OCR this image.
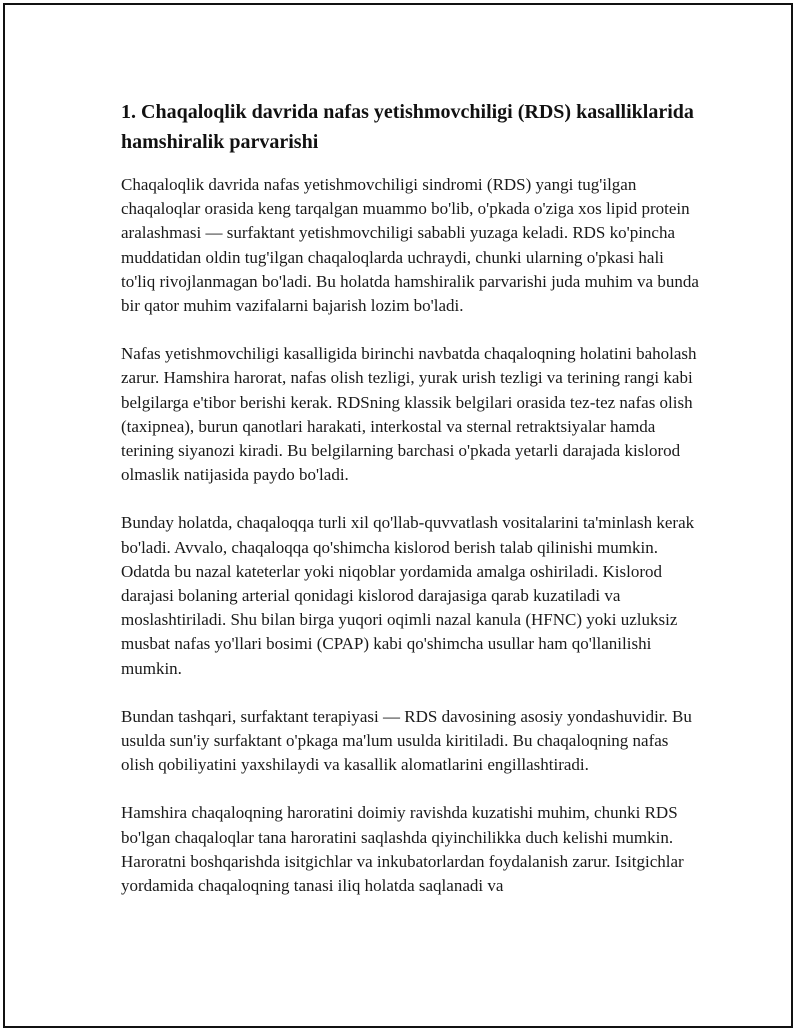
1. Chaqaloqlik davrida nafas yetishmovchiligi (RDS) kasalliklarida hamshiralik parvarishi

Chaqaloqlik davrida nafas yetishmovchiligi sindromi (RDS) yangi tug'ilgan chaqaloqlar orasida keng tarqalgan muammo bo'lib, o'pkada o'ziga xos lipid protein aralashmasi — surfaktant yetishmovchiligi sababli yuzaga keladi. RDS ko'pincha muddatidan oldin tug'ilgan chaqaloqlarda uchraydi, chunki ularning o'pkasi hali to'liq rivojlanmagan bo'ladi. Bu holatda hamshiralik parvarishi juda muhim va bunda bir qator muhim vazifalarni bajarish lozim bo'ladi.

Nafas yetishmovchiligi kasalligida birinchi navbatda chaqaloqning holatini baholash zarur. Hamshira harorat, nafas olish tezligi, yurak urish tezligi va terining rangi kabi belgilarga e'tibor berishi kerak. RDSning klassik belgilari orasida tez-tez nafas olish (taxipnea), burun qanotlari harakati, interkostal va sternal retraktsiyalar hamda terining siyanozi kiradi. Bu belgilarning barchasi o'pkada yetarli darajada kislorod olmaslik natijasida paydo bo'ladi.

Bunday holatda, chaqaloqqa turli xil qo'llab-quvvatlash vositalarini ta'minlash kerak bo'ladi. Avvalo, chaqaloqqa qo'shimcha kislorod berish talab qilinishi mumkin. Odatda bu nazal kateterlar yoki niqoblar yordamida amalga oshiriladi. Kislorod darajasi bolaning arterial qonidagi kislorod darajasiga qarab kuzatiladi va moslashtiriladi. Shu bilan birga yuqori oqimli nazal kanula (HFNC) yoki uzluksiz musbat nafas yo'llari bosimi (CPAP) kabi qo'shimcha usullar ham qo'llanilishi mumkin.

Bundan tashqari, surfaktant terapiyasi — RDS davosining asosiy yondashuvidir. Bu usulda sun'iy surfaktant o'pkaga ma'lum usulda kiritiladi. Bu chaqaloqning nafas olish qobiliyatini yaxshilaydi va kasallik alomatlarini engillashtiradi.

Hamshira chaqaloqning haroratini doimiy ravishda kuzatishi muhim, chunki RDS bo'lgan chaqaloqlar tana haroratini saqlashda qiyinchilikka duch kelishi mumkin. Haroratni boshqarishda isitgichlar va inkubatorlardan foydalanish zarur. Isitgichlar yordamida chaqaloqning tanasi iliq holatda saqlanadi va
